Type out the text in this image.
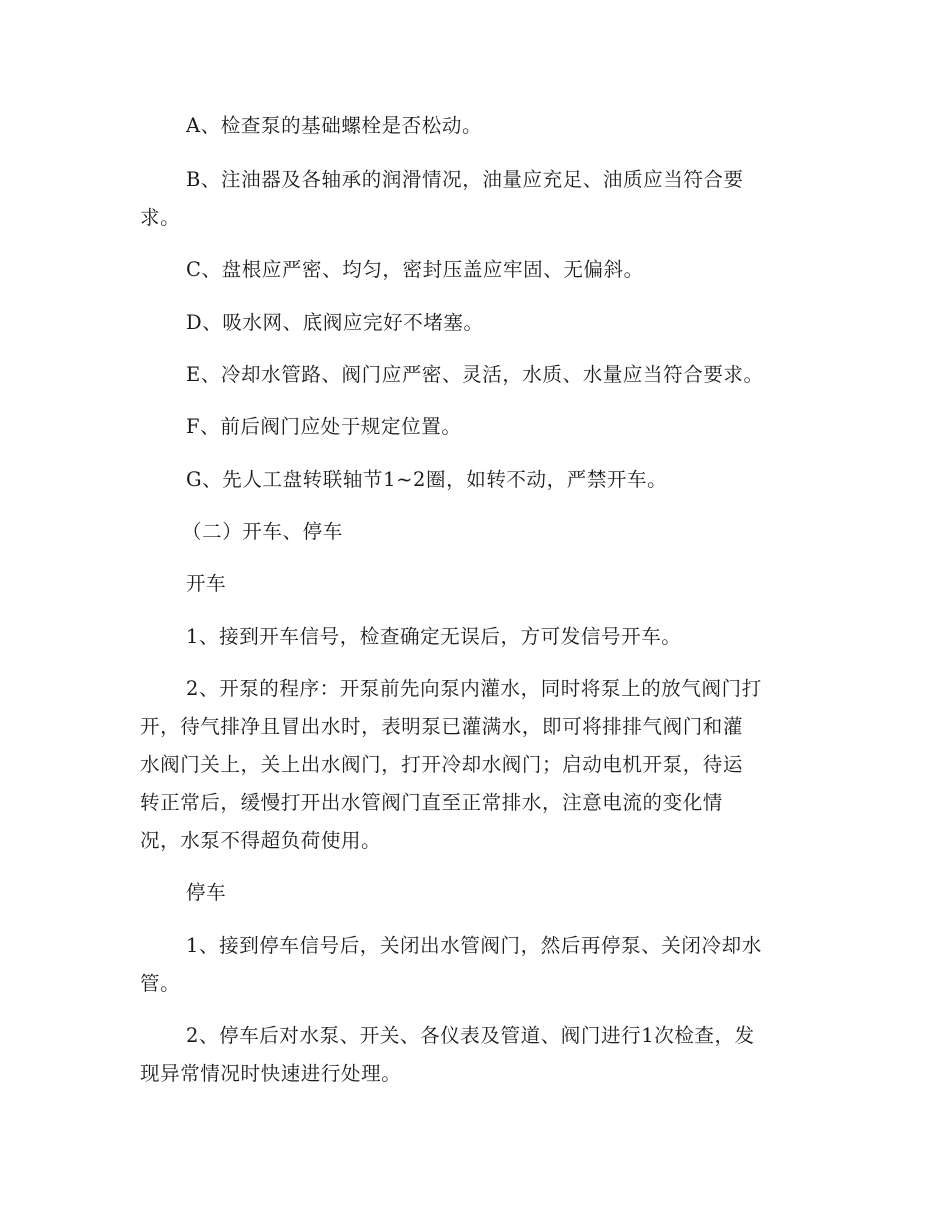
A、检查泵的基础螺栓是否松动。
B、注油器及各轴承的润滑情况，油量应充足、油质应当符合要
求。
C、盘根应严密、均匀，密封压盖应牢固、无偏斜。
D、吸水网、底阀应完好不堵塞。
E、冷却水管路、阀门应严密、灵活，水质、水量应当符合要求。
F、前后阀门应处于规定位置。
G、先人工盘转联轴节1~2圈，如转不动，严禁开车。
（二）开车、停车
开车
1、接到开车信号，检查确定无误后，方可发信号开车。
2、开泵的程序：开泵前先向泵内灌水，同时将泵上的放气阀门打
开，待气排净且冒出水时，表明泵已灌满水，即可将排排气阀门和灌
水阀门关上，关上出水阀门，打开冷却水阀门；启动电机开泵，待运
转正常后，缓慢打开出水管阀门直至正常排水，注意电流的变化情
况，水泵不得超负荷使用。
停车
1、接到停车信号后，关闭出水管阀门，然后再停泵、关闭冷却水
管。
2、停车后对水泵、开关、各仪表及管道、阀门进行1次检查，发
现异常情况时快速进行处理。
